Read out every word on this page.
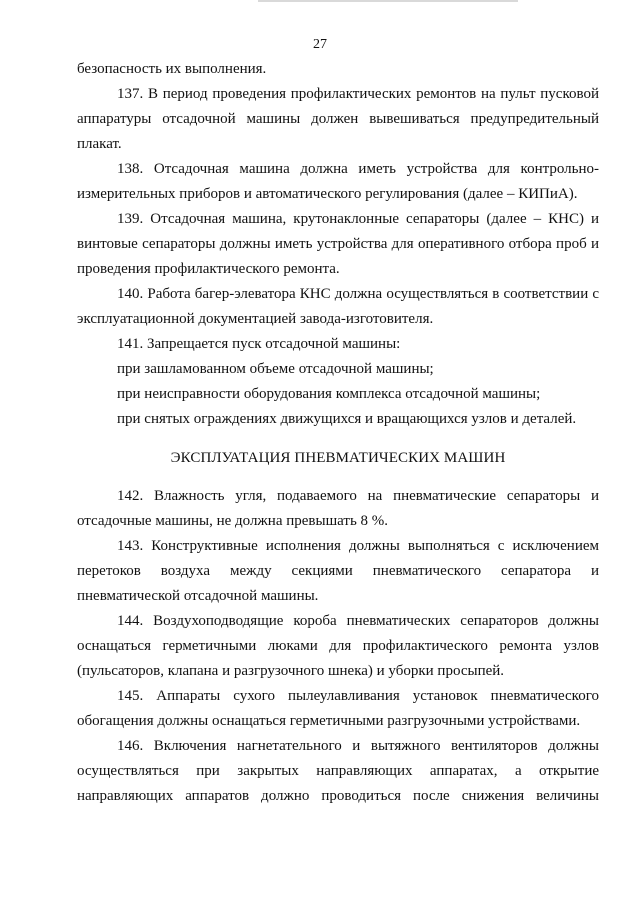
27

безопасность их выполнения.

137. В период проведения профилактических ремонтов на пульт пусковой аппаратуры отсадочной машины должен вывешиваться предупредительный плакат.

138. Отсадочная машина должна иметь устройства для контрольно-измерительных приборов и автоматического регулирования (далее – КИПиА).

139. Отсадочная машина, крутонаклонные сепараторы (далее – КНС) и винтовые сепараторы должны иметь устройства для оперативного отбора проб и проведения профилактического ремонта.

140. Работа багер-элеватора КНС должна осуществляться в соответствии с эксплуатационной документацией завода-изготовителя.

141. Запрещается пуск отсадочной машины:

при зашламованном объеме отсадочной машины;

при неисправности оборудования комплекса отсадочной машины;

при снятых ограждениях движущихся и вращающихся узлов и деталей.

ЭКСПЛУАТАЦИЯ ПНЕВМАТИЧЕСКИХ МАШИН

142. Влажность угля, подаваемого на пневматические сепараторы и отсадочные машины, не должна превышать 8 %.

143. Конструктивные исполнения должны выполняться с исключением перетоков воздуха между секциями пневматического сепаратора и пневматической отсадочной машины.

144. Воздухоподводящие короба пневматических сепараторов должны оснащаться герметичными люками для профилактического ремонта узлов (пульсаторов, клапана и разгрузочного шнека) и уборки просыпей.

145. Аппараты сухого пылеулавливания установок пневматического обогащения должны оснащаться герметичными разгрузочными устройствами.

146. Включения нагнетательного и вытяжного вентиляторов должны осуществляться при закрытых направляющих аппаратах, а открытие направляющих аппаратов должно проводиться после снижения величины
